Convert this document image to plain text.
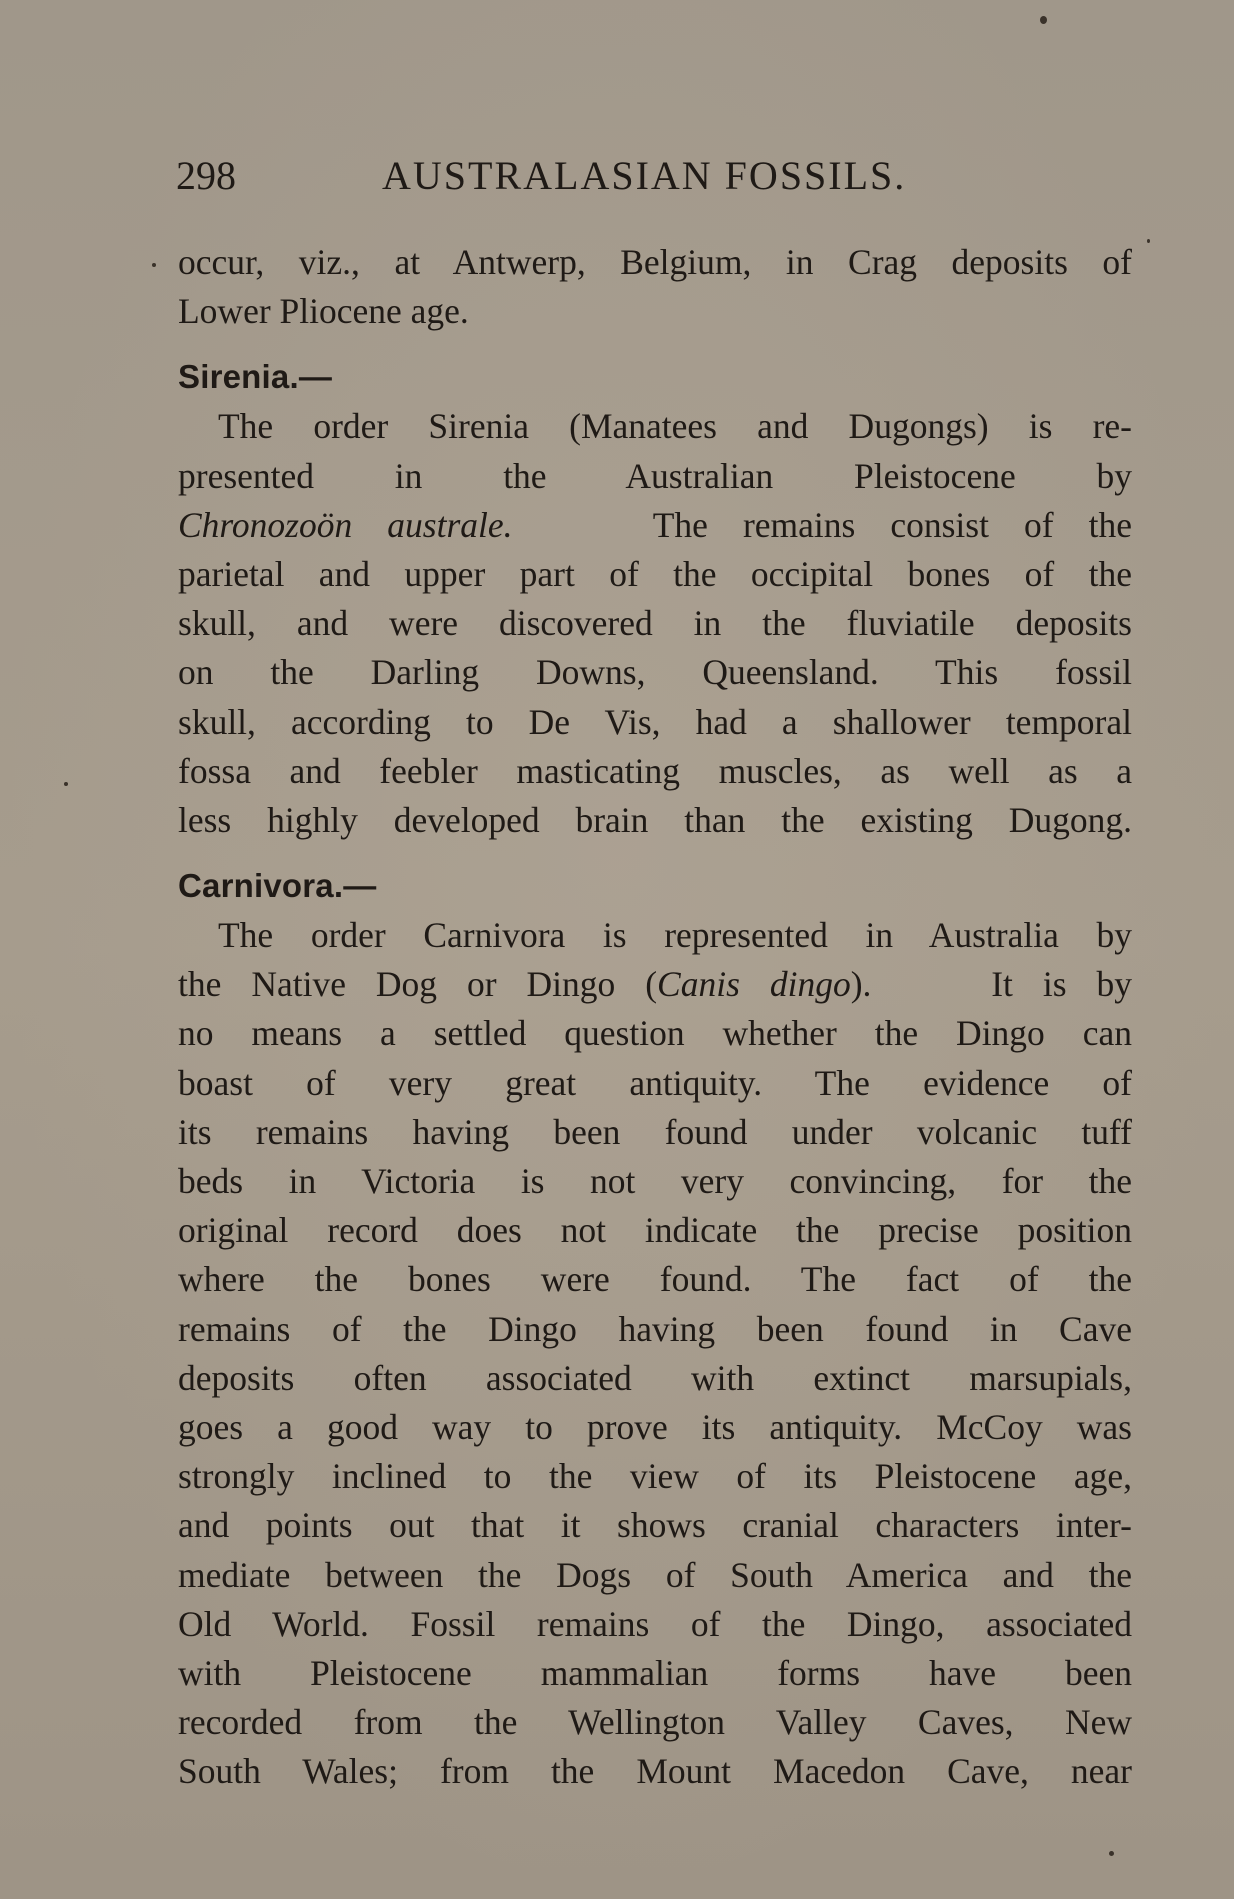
298	AUSTRALASIAN FOSSILS.
occur, viz., at Antwerp, Belgium, in Crag deposits of
Lower Pliocene age.
Sirenia.—
The order Sirenia (Manatees and Dugongs) is re-
presented in the Australian Pleistocene by
Chronozoön australe.    The remains consist of the
parietal and upper part of the occipital bones of the
skull, and were discovered in the fluviatile deposits
on the Darling Downs, Queensland. This fossil
skull, according to De Vis, had a shallower temporal
fossa and feebler masticating muscles, as well as a
less highly developed brain than the existing Dugong.
Carnivora.—
The order Carnivora is represented in Australia by
the Native Dog or Dingo (Canis dingo).    It is by
no means a settled question whether the Dingo can
boast of very great antiquity. The evidence of
its remains having been found under volcanic tuff
beds in Victoria is not very convincing, for the
original record does not indicate the precise position
where the bones were found. The fact of the
remains of the Dingo having been found in Cave
deposits often associated with extinct marsupials,
goes a good way to prove its antiquity. McCoy was
strongly inclined to the view of its Pleistocene age,
and points out that it shows cranial characters inter-
mediate between the Dogs of South America and the
Old World. Fossil remains of the Dingo, associated
with Pleistocene mammalian forms have been
recorded from the Wellington Valley Caves, New
South Wales; from the Mount Macedon Cave, near
